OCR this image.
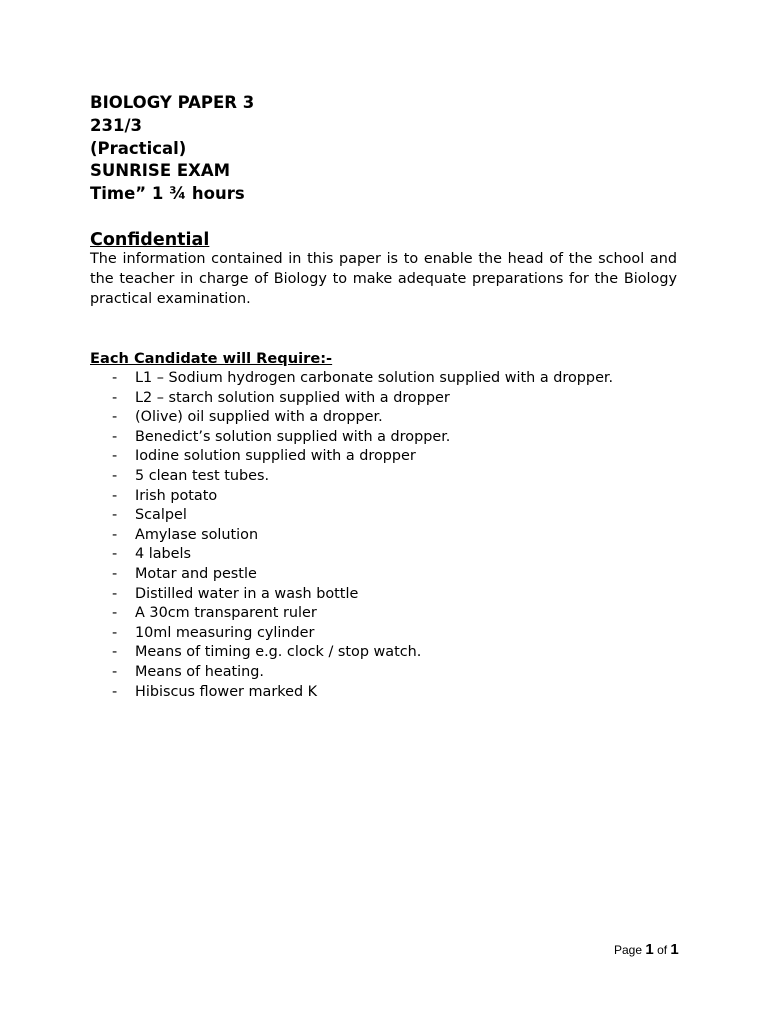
BIOLOGY PAPER 3
231/3
(Practical)
SUNRISE EXAM
Time” 1 ¾ hours
Confidential
The information contained in this paper is to enable the head of the school and the teacher in charge of Biology to make adequate preparations for the Biology practical examination.
Each Candidate will Require:-
- L1 – Sodium hydrogen carbonate solution supplied with a dropper.
- L2 – starch solution supplied with a dropper
- (Olive) oil supplied with a dropper.
- Benedict’s solution supplied with a dropper.
- Iodine solution supplied with a dropper
- 5 clean test tubes.
- Irish potato
- Scalpel
- Amylase solution
- 4 labels
- Motar and pestle
- Distilled water in a wash bottle
- A 30cm transparent ruler
- 10ml measuring cylinder
- Means of timing e.g. clock / stop watch.
- Means of heating.
- Hibiscus flower marked K
Page 1 of 1
